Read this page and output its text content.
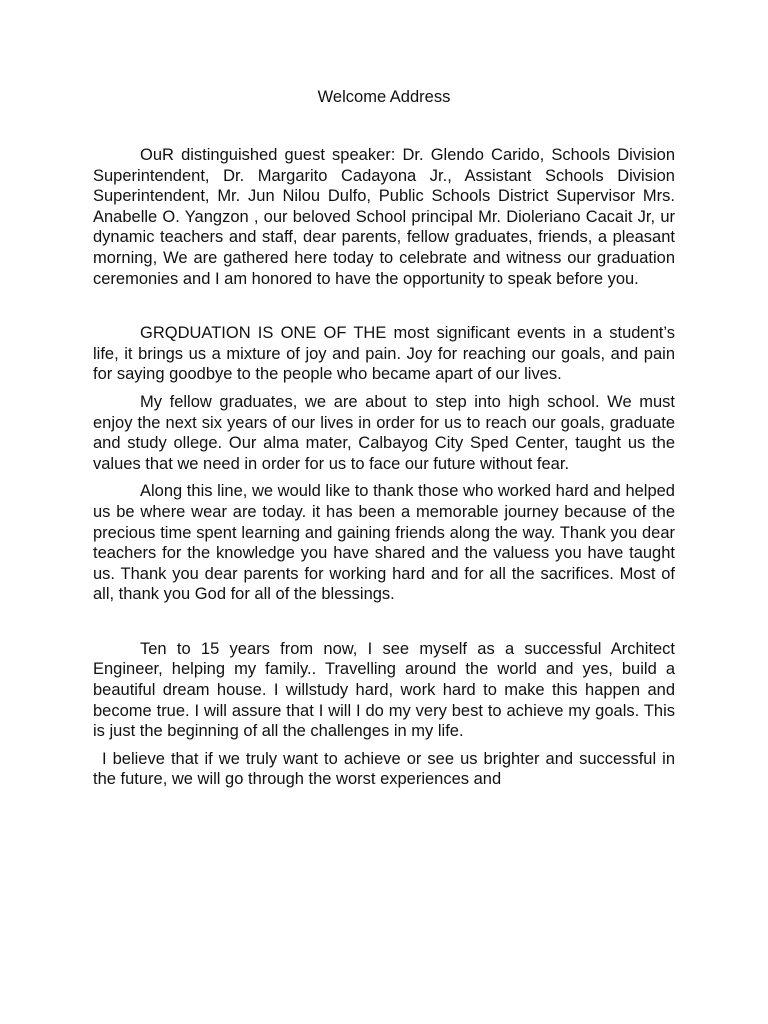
Welcome Address

OuR distinguished guest speaker: Dr. Glendo Carido, Schools Division Superintendent, Dr. Margarito Cadayona Jr., Assistant Schools Division Superintendent, Mr. Jun Nilou Dulfo, Public Schools District Supervisor Mrs. Anabelle O. Yangzon , our beloved School principal Mr. Dioleriano Cacait Jr, ur dynamic teachers and staff, dear parents, fellow graduates, friends, a pleasant morning, We are gathered here today to celebrate and witness our graduation ceremonies and I am honored to have the opportunity to speak before you.

GRQDUATION IS ONE OF THE most significant events in a student’s life, it brings us a mixture of joy and pain. Joy for reaching our goals, and pain for saying goodbye to the people who became apart of our lives.

My fellow graduates, we are about to step into high school. We must enjoy the next six years of our lives in order for us to reach our goals, graduate and study ollege. Our alma mater, Calbayog City Sped Center, taught us the values that we need in order for us to face our future without fear.

Along this line, we would like to thank those who worked hard and helped us be where wear are today. it has been a memorable journey because of the precious time spent learning and gaining friends along the way. Thank you dear teachers for the knowledge you have shared and the valuess you have taught us. Thank you dear parents for working hard and for all the sacrifices. Most of all, thank you God for all of the blessings.

Ten to 15 years from now, I see myself as a successful Architect Engineer, helping my family.. Travelling around the world and yes, build a beautiful dream house. I willstudy hard, work hard to make this happen and become true. I will assure that I will I do my very best to achieve my goals. This is just the beginning of all the challenges in my life.

I believe that if we truly want to achieve or see us brighter and successful in the future, we will go through the worst experiences and
